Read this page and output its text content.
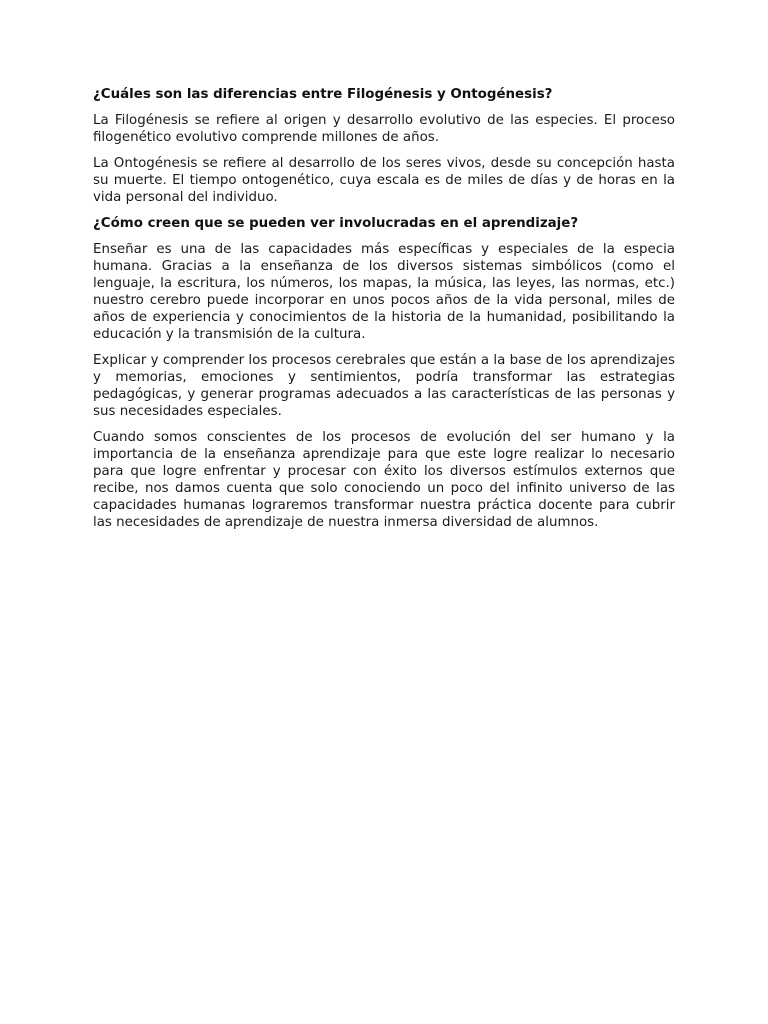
¿Cuáles son las diferencias entre Filogénesis y Ontogénesis?

La Filogénesis se refiere al origen y desarrollo evolutivo de las especies. El proceso filogenético evolutivo comprende millones de años.

La Ontogénesis se refiere al desarrollo de los seres vivos, desde su concepción hasta su muerte. El tiempo ontogenético, cuya escala es de miles de días y de horas en la vida personal del individuo.

¿Cómo creen que se pueden ver involucradas en el aprendizaje?

Enseñar es una de las capacidades más específicas y especiales de la especia humana. Gracias a la enseñanza de los diversos sistemas simbólicos (como el lenguaje, la escritura, los números, los mapas, la música, las leyes, las normas, etc.) nuestro cerebro puede incorporar en unos pocos años de la vida personal, miles de años de experiencia y conocimientos de la historia de la humanidad, posibilitando la educación y la transmisión de la cultura.

Explicar y comprender los procesos cerebrales que están a la base de los aprendizajes y memorias, emociones y sentimientos, podría transformar las estrategias pedagógicas, y generar programas adecuados a las características de las personas y sus necesidades especiales.

Cuando somos conscientes de los procesos de evolución del ser humano y la importancia de la enseñanza aprendizaje para que este logre realizar lo necesario para que logre enfrentar y procesar con éxito los diversos estímulos externos que recibe, nos damos cuenta que solo conociendo un poco del infinito universo de las capacidades humanas lograremos transformar nuestra práctica docente para cubrir las necesidades de aprendizaje de nuestra inmersa diversidad de alumnos.
